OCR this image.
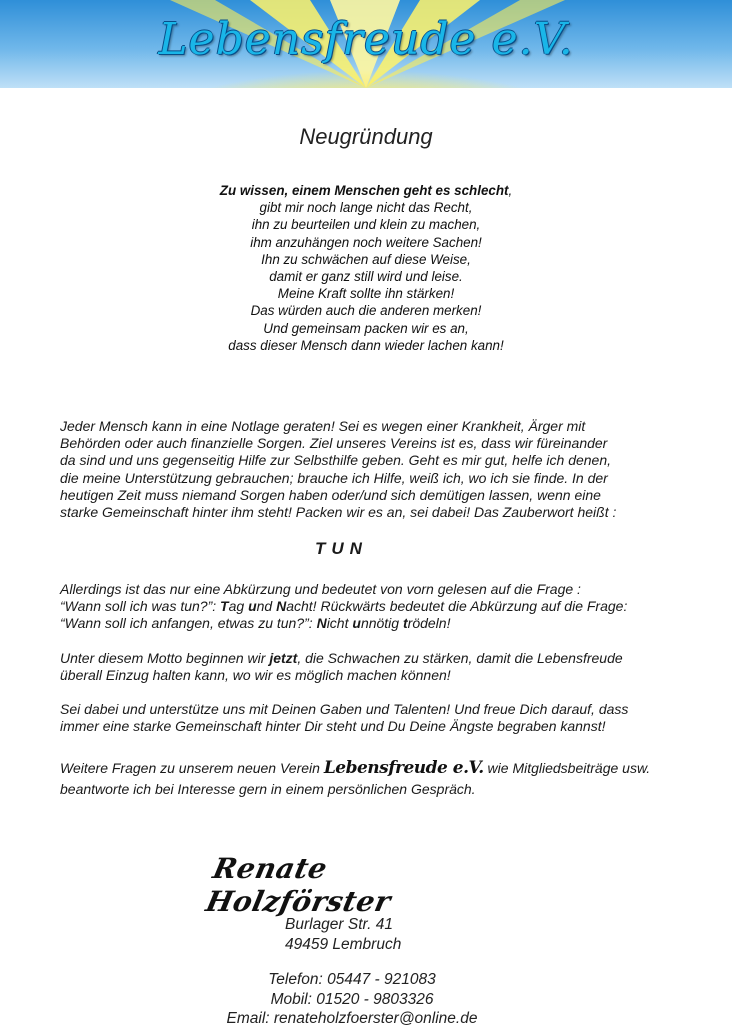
Lebensfreude e.V.
Neugründung
Zu wissen, einem Menschen geht es schlecht,
gibt mir noch lange nicht das Recht,
ihn zu beurteilen und klein zu machen,
ihm anzuhängen noch weitere Sachen!
Ihn zu schwächen auf diese Weise,
damit er ganz still wird und leise.
Meine Kraft sollte ihn stärken!
Das würden auch die anderen merken!
Und gemeinsam packen wir es an,
dass dieser Mensch dann wieder lachen kann!

Jeder Mensch kann in eine Notlage geraten! Sei es wegen einer Krankheit, Ärger mit

Behörden oder auch finanzielle Sorgen. Ziel unseres Vereins ist es, dass wir füreinander

da sind und uns gegenseitig Hilfe zur Selbsthilfe geben. Geht es mir gut, helfe ich denen,

die meine Unterstützung gebrauchen; brauche ich Hilfe, weiß ich, wo ich sie finde. In der

heutigen Zeit muss niemand Sorgen haben oder/und sich demütigen lassen, wenn eine

starke Gemeinschaft hinter ihm steht! Packen wir es an, sei dabei! Das Zauberwort heißt :

TUN

Allerdings ist das nur eine Abkürzung und bedeutet von vorn gelesen auf die Frage :

“Wann soll ich was tun?”: Tag und Nacht! Rückwärts bedeutet die Abkürzung auf die Frage:

“Wann soll ich anfangen, etwas zu tun?”: Nicht unnötig trödeln!

Unter diesem Motto beginnen wir jetzt, die Schwachen zu stärken, damit die Lebensfreude

überall Einzug halten kann, wo wir es möglich machen können!

Sei dabei und unterstütze uns mit Deinen Gaben und Talenten! Und freue Dich darauf, dass

immer eine starke Gemeinschaft hinter Dir steht und Du Deine Ängste begraben kannst!

Weitere Fragen zu unserem neuen Verein Lebensfreude e.V. wie Mitgliedsbeiträge usw.

beantworte ich bei Interesse gern in einem persönlichen Gespräch.

Renate Holzförster
Burlager Str. 41
49459 Lembruch
Telefon: 05447 - 921083
Mobil: 01520 - 9803326
Email: renateholzfoerster@online.de
